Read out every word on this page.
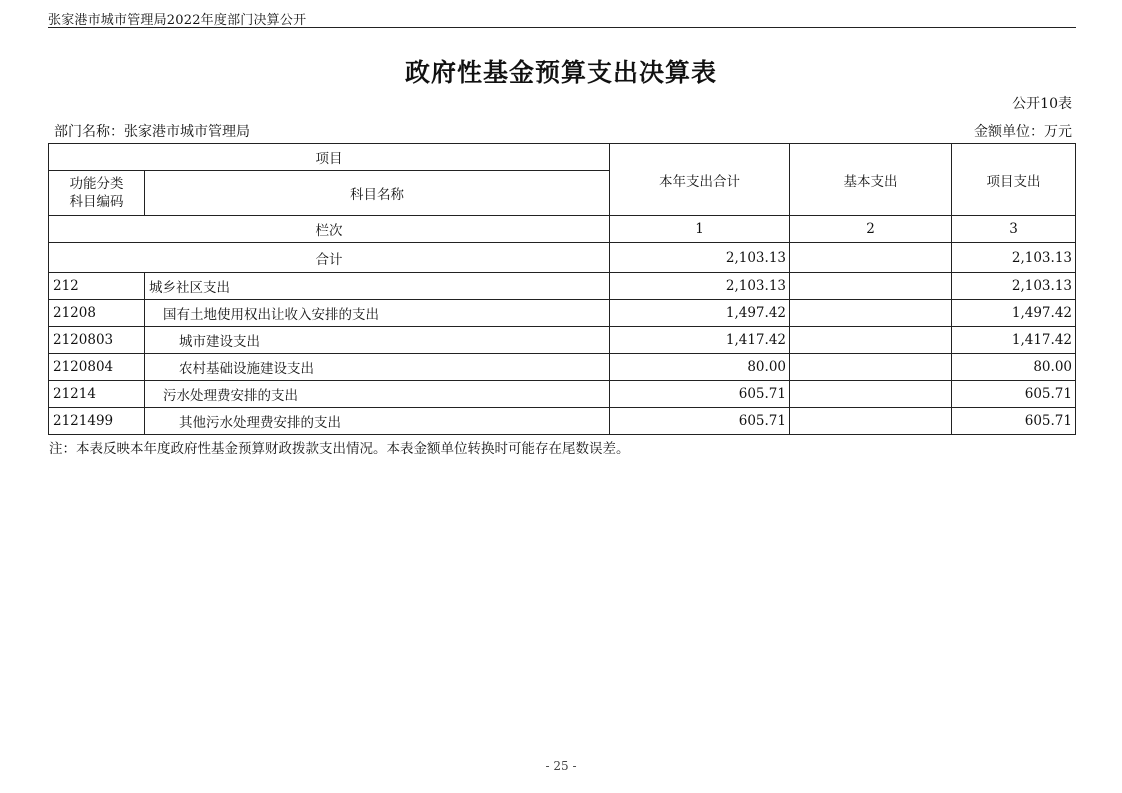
张家港市城市管理局2022年度部门决算公开
政府性基金预算支出决算表
公开10表
部门名称：张家港市城市管理局	金额单位：万元
项目		本年支出合计	基本支出	项目支出

功能分类
科目编码	科目名称			
栏次		1	2	3
合计		2,103.13		2,103.13
212	城乡社区支出	2,103.13		2,103.13
21208	国有土地使用权出让收入安排的支出	1,497.42		1,497.42
2120803	城市建设支出	1,417.42		1,417.42
2120804	农村基础设施建设支出	80.00		80.00
21214	污水处理费安排的支出	605.71		605.71
2121499	其他污水处理费安排的支出	605.71		605.71
注：本表反映本年度政府性基金预算财政拨款支出情况。本表金额单位转换时可能存在尾数误差。
- 25 -
